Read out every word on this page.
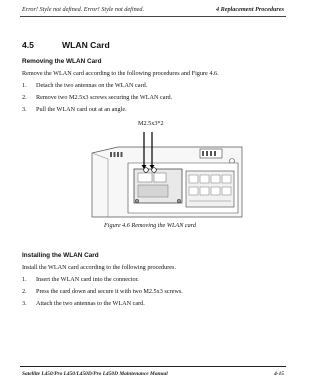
Error! Style not defined. Error! Style not defined.	4 Replacement Procedures
4.5	WLAN Card
Removing the WLAN Card
Remove the WLAN card according to the following procedures and Figure 4.6.
1. Detach the two antennas on the WLAN card.
2. Remove two M2.5x3 screws securing the WLAN card.
3. Pull the WLAN card out at an angle.
M2.5x3*2
Figure 4.6 Removing the WLAN card
Installing the WLAN Card
Install the WLAN card according to the following procedures.
1. Insert the WLAN card into the connector.
2. Press the card down and secure it with two M2.5x3 screws.
3. Attach the two antennas to the WLAN card.
Satellite L450/Pro L450/L450D/Pro L450D Maintenance Manual	4-15
